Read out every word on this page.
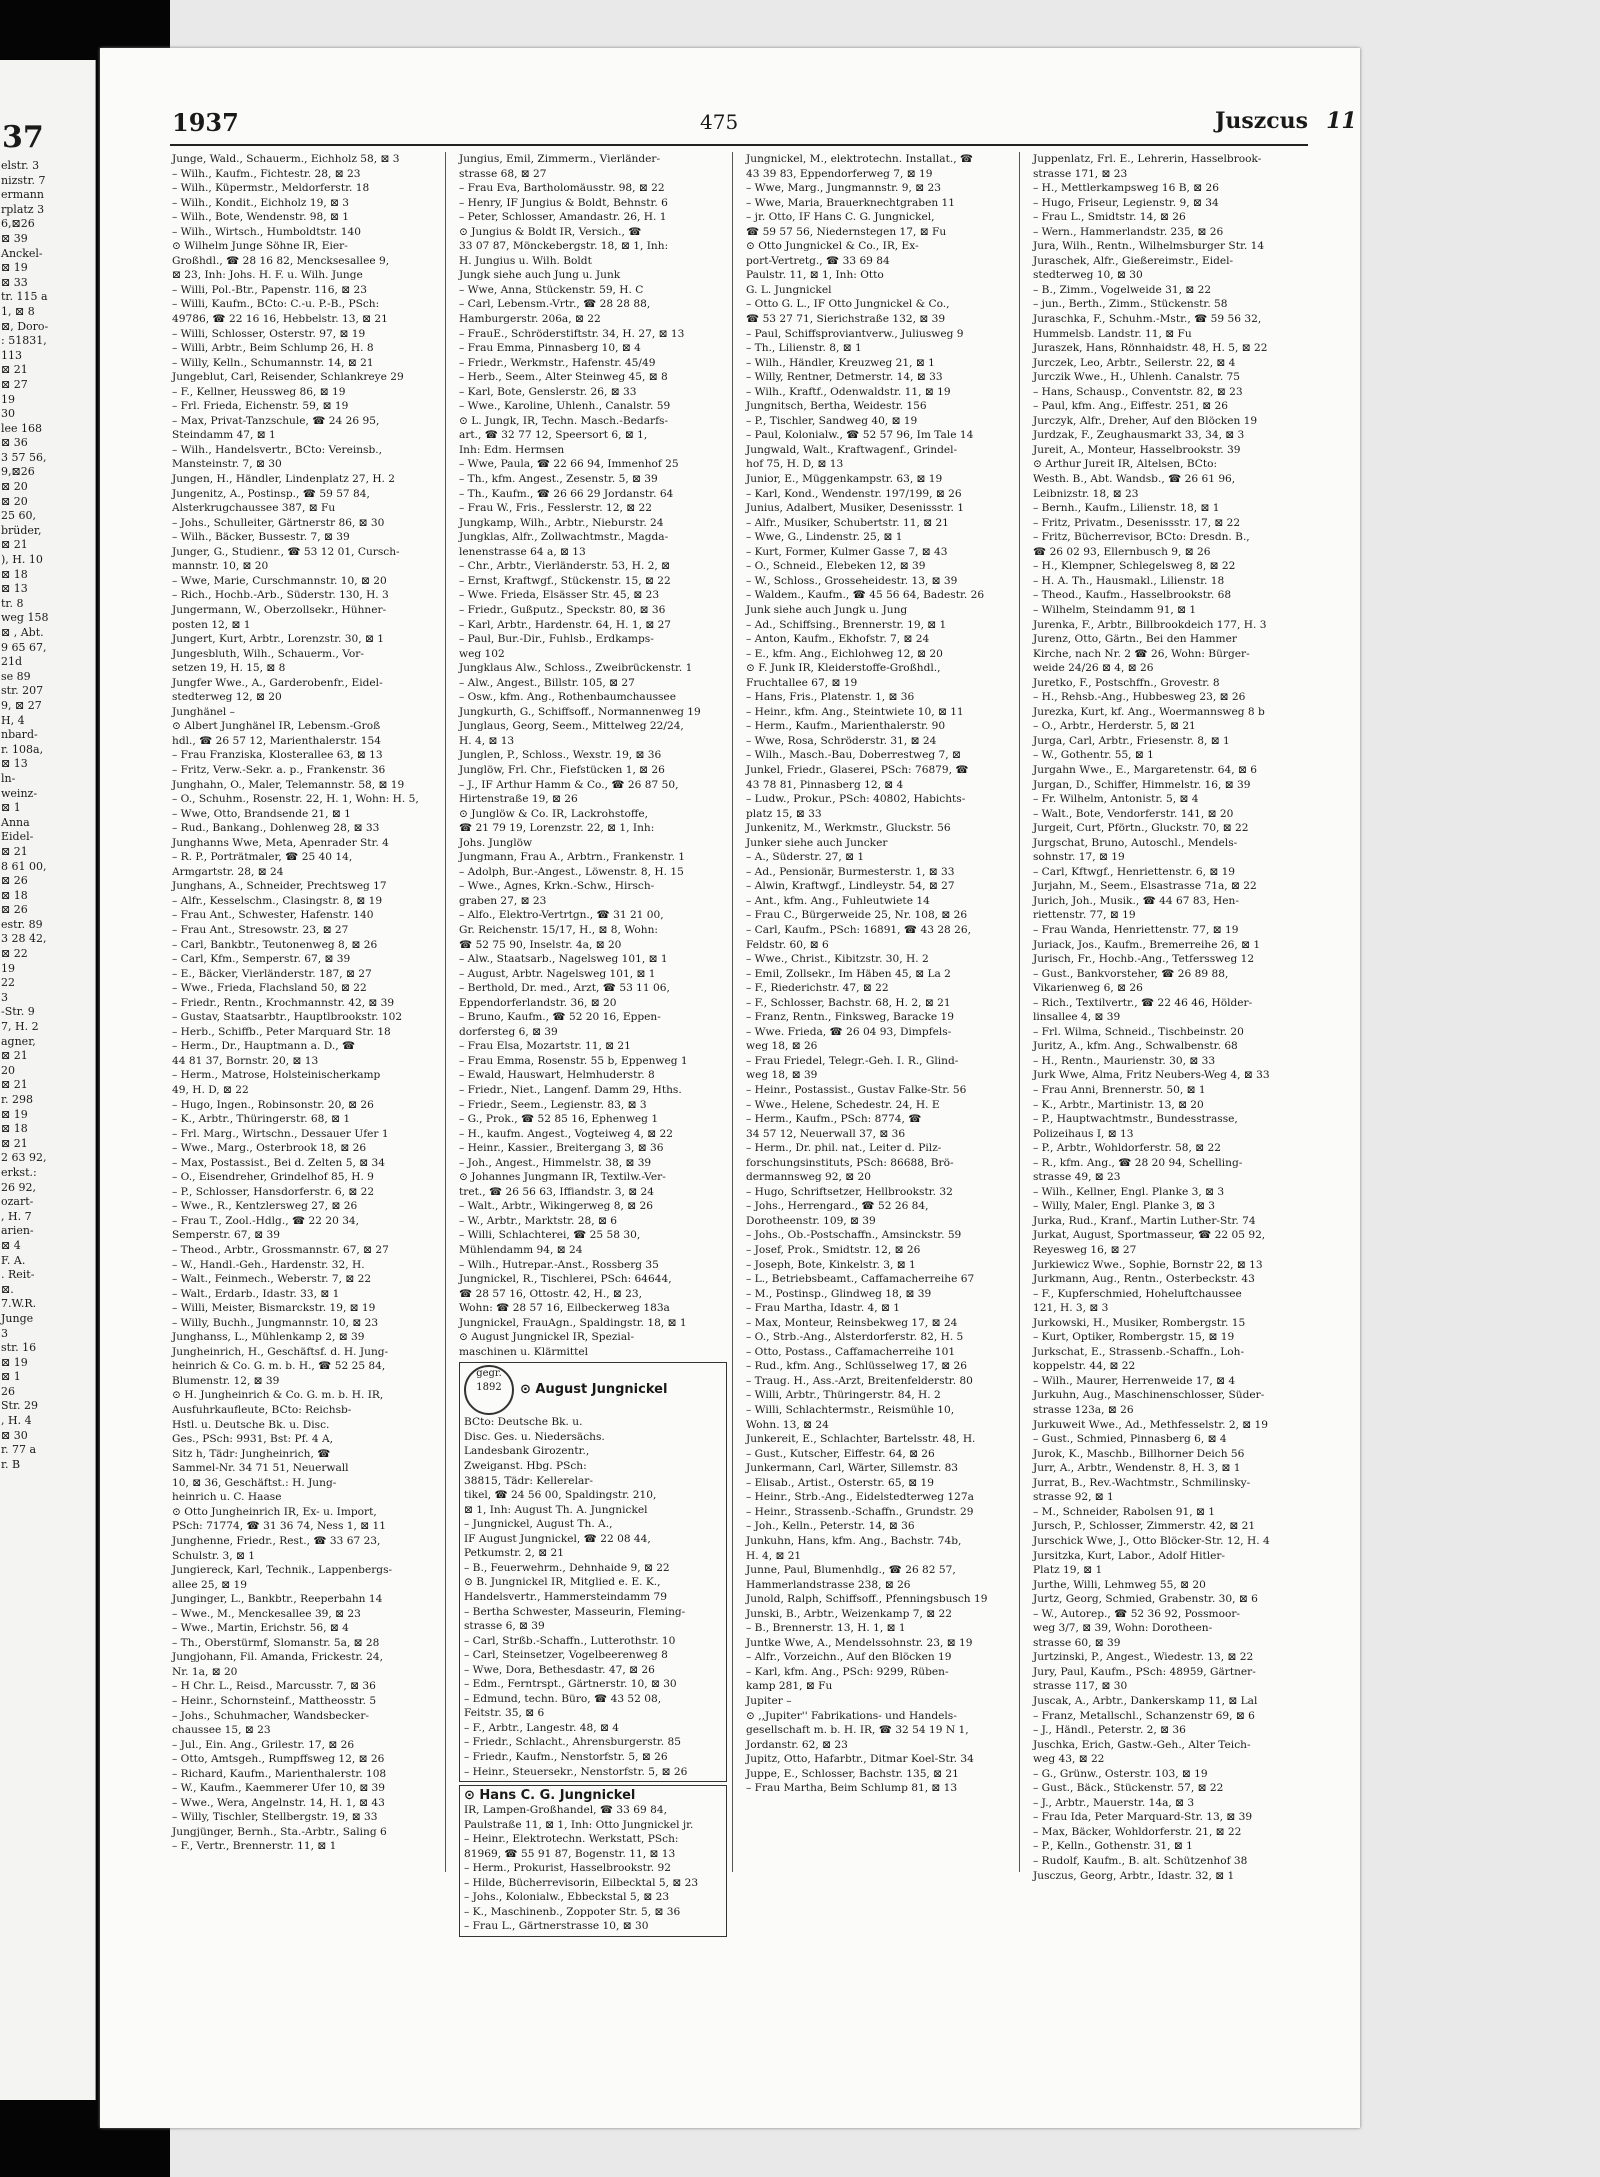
37
elstr. 3
nizstr. 7
ermann
rplatz 3
6,⊠26
⊠ 39
Anckel-
⊠ 19
⊠ 33
tr. 115 a
1, ⊠ 8
⊠, Doro-
: 51831,
113
⊠ 21
⊠ 27
19
30
lee 168
⊠ 36
3 57 56,
9,⊠26
⊠ 20
⊠ 20
25 60,
brüder,
⊠ 21
), H. 10
⊠ 18
⊠ 13
tr. 8
weg 158
⊠ , Abt.
9 65 67,
21d
se 89
str. 207
9, ⊠ 27
H, 4
nbard-
r. 108a,
⊠ 13
ln-
weinz-
⊠ 1
Anna
Eidel-
⊠ 21
8 61 00,
⊠ 26
⊠ 18
⊠ 26
estr. 89
3 28 42,
⊠ 22
19
22
3
-Str. 9
7, H. 2
agner,
⊠ 21
20
⊠ 21
r. 298
⊠ 19
⊠ 18
⊠ 21
2 63 92,
erkst.:
26 92,
ozart-
, H. 7
arien-
⊠ 4
F. A.
. Reit-
⊠.
7.W.R.
Junge
3
str. 16
⊠ 19
⊠ 1
26
Str. 29
, H. 4
⊠ 30
r. 77 a
r. B
1937	475	Juszcus 11
Junge, Wald., Schauerm., Eichholz 58, ⊠ 3
– Wilh., Kaufm., Fichtestr. 28, ⊠ 23
– Wilh., Küpermstr., Meldorferstr. 18
– Wilh., Kondit., Eichholz 19, ⊠ 3
– Wilh., Bote, Wendenstr. 98, ⊠ 1
– Wilh., Wirtsch., Humboldtstr. 140
⊙ Wilhelm Junge Söhne IR, Eier-
Großhdl., ☎ 28 16 82, Mencksesallee 9,
⊠ 23, Inh: Johs. H. F. u. Wilh. Junge
– Willi, Pol.-Btr., Papenstr. 116, ⊠ 23
– Willi, Kaufm., BCto: C.-u. P.-B., PSch:
49786, ☎ 22 16 16, Hebbelstr. 13, ⊠ 21
– Willi, Schlosser, Osterstr. 97, ⊠ 19
– Willi, Arbtr., Beim Schlump 26, H. 8
– Willy, Kelln., Schumannstr. 14, ⊠ 21
Jungeblut, Carl, Reisender, Schlankreye 29
– F., Kellner, Heussweg 86, ⊠ 19
– Frl. Frieda, Eichenstr. 59, ⊠ 19
– Max, Privat-Tanzschule, ☎ 24 26 95,
Steindamm 47, ⊠ 1
– Wilh., Handelsvertr., BCto: Vereinsb.,
Mansteinstr. 7, ⊠ 30
Jungen, H., Händler, Lindenplatz 27, H. 2
Jungenitz, A., Postinsp., ☎ 59 57 84,
Alsterkrugchaussee 387, ⊠ Fu
– Johs., Schulleiter, Gärtnerstr 86, ⊠ 30
– Wilh., Bäcker, Bussestr. 7, ⊠ 39
Junger, G., Studienr., ☎ 53 12 01, Cursch-
mannstr. 10, ⊠ 20
– Wwe, Marie, Curschmannstr. 10, ⊠ 20
– Rich., Hochb.-Arb., Süderstr. 130, H. 3
Jungermann, W., Oberzollsekr., Hühner-
posten 12, ⊠ 1
Jungert, Kurt, Arbtr., Lorenzstr. 30, ⊠ 1
Jungesbluth, Wilh., Schauerm., Vor-
setzen 19, H. 15, ⊠ 8
Jungfer Wwe., A., Garderobenfr., Eidel-
stedterweg 12, ⊠ 20
Junghänel –
⊙ Albert Junghänel IR, Lebensm.-Groß
hdl., ☎ 26 57 12, Marienthalerstr. 154
– Frau Franziska, Klosterallee 63, ⊠ 13
– Fritz, Verw.-Sekr. a. p., Frankenstr. 36
Junghahn, O., Maler, Telemannstr. 58, ⊠ 19
– O., Schuhm., Rosenstr. 22, H. 1, Wohn: H. 5,
– Wwe, Otto, Brandsende 21, ⊠ 1
– Rud., Bankang., Dohlenweg 28, ⊠ 33
Junghanns Wwe, Meta, Apenrader Str. 4
– R. P., Porträtmaler, ☎ 25 40 14,
Armgartstr. 28, ⊠ 24
Junghans, A., Schneider, Prechtsweg 17
– Alfr., Kesselschm., Clasingstr. 8, ⊠ 19
– Frau Ant., Schwester, Hafenstr. 140
– Frau Ant., Stresowstr. 23, ⊠ 27
– Carl, Bankbtr., Teutonenweg 8, ⊠ 26
– Carl, Kfm., Semperstr. 67, ⊠ 39
– E., Bäcker, Vierländerstr. 187, ⊠ 27
– Wwe., Frieda, Flachsland 50, ⊠ 22
– Friedr., Rentn., Krochmannstr. 42, ⊠ 39
– Gustav, Staatsarbtr., Hauptlbrookstr. 102
– Herb., Schiffb., Peter Marquard Str. 18
– Herm., Dr., Hauptmann a. D., ☎
44 81 37, Bornstr. 20, ⊠ 13
– Herm., Matrose, Holsteinischerkamp
49, H. D, ⊠ 22
– Hugo, Ingen., Robinsonstr. 20, ⊠ 26
– K., Arbtr., Thüringerstr. 68, ⊠ 1
– Frl. Marg., Wirtschn., Dessauer Ufer 1
– Wwe., Marg., Osterbrook 18, ⊠ 26
– Max, Postassist., Bei d. Zelten 5, ⊠ 34
– O., Eisendreher, Grindelhof 85, H. 9
– P., Schlosser, Hansdorferstr. 6, ⊠ 22
– Wwe., R., Kentzlersweg 27, ⊠ 26
– Frau T., Zool.-Hdlg., ☎ 22 20 34,
Semperstr. 67, ⊠ 39
– Theod., Arbtr., Grossmannstr. 67, ⊠ 27
– W., Handl.-Geh., Hardenstr. 32, H.
– Walt., Feinmech., Weberstr. 7, ⊠ 22
– Walt., Erdarb., Idastr. 33, ⊠ 1
– Willi, Meister, Bismarckstr. 19, ⊠ 19
– Willy, Buchh., Jungmannstr. 10, ⊠ 23
Junghanss, L., Mühlenkamp 2, ⊠ 39
Jungheinrich, H., Geschäftsf. d. H. Jung-
heinrich & Co. G. m. b. H., ☎ 52 25 84,
Blumenstr. 12, ⊠ 39
⊙ H. Jungheinrich & Co. G. m. b. H. IR,
Ausfuhrkaufleute, BCto: Reichsb-
Hstl. u. Deutsche Bk. u. Disc.
Ges., PSch: 9931, Bst: Pf. 4 A,
Sitz h, Tädr: Jungheinrich, ☎
Sammel-Nr. 34 71 51, Neuerwall
10, ⊠ 36, Geschäftst.: H. Jung-
heinrich u. C. Haase
⊙ Otto Jungheinrich IR, Ex- u. Import,
PSch: 71774, ☎ 31 36 74, Ness 1, ⊠ 11
Junghenne, Friedr., Rest., ☎ 33 67 23,
Schulstr. 3, ⊠ 1
Jungiereck, Karl, Technik., Lappenbergs-
allee 25, ⊠ 19
Junginger, L., Bankbtr., Reeperbahn 14
– Wwe., M., Menckesallee 39, ⊠ 23
– Wwe., Martin, Erichstr. 56, ⊠ 4
– Th., Oberstürmf, Slomanstr. 5a, ⊠ 28
Jungjohann, Fil. Amanda, Frickestr. 24,
Nr. 1a, ⊠ 20
– H Chr. L., Reisd., Marcusstr. 7, ⊠ 36
– Heinr., Schornsteinf., Mattheosstr. 5
– Johs., Schuhmacher, Wandsbecker-
chaussee 15, ⊠ 23
– Jul., Ein. Ang., Grilestr. 17, ⊠ 26
– Otto, Amtsgeh., Rumpffsweg 12, ⊠ 26
– Richard, Kaufm., Marienthalerstr. 108
– W., Kaufm., Kaemmerer Ufer 10, ⊠ 39
– Wwe., Wera, Angelnstr. 14, H. 1, ⊠ 43
– Willy, Tischler, Stellbergstr. 19, ⊠ 33
Jungjünger, Bernh., Sta.-Arbtr., Saling 6
– F., Vertr., Brennerstr. 11, ⊠ 1
Jungius, Emil, Zimmerm., Vierländer-
strasse 68, ⊠ 27
– Frau Eva, Bartholomäusstr. 98, ⊠ 22
– Henry, IF Jungius & Boldt, Behnstr. 6
– Peter, Schlosser, Amandastr. 26, H. 1
⊙ Jungius & Boldt IR, Versich., ☎
33 07 87, Mönckebergstr. 18, ⊠ 1, Inh:
H. Jungius u. Wilh. Boldt
Jungk siehe auch Jung u. Junk
– Wwe, Anna, Stückenstr. 59, H. C
– Carl, Lebensm.-Vrtr., ☎ 28 28 88,
Hamburgerstr. 206a, ⊠ 22
– FrauE., Schröderstiftstr. 34, H. 27, ⊠ 13
– Frau Emma, Pinnasberg 10, ⊠ 4
– Friedr., Werkmstr., Hafenstr. 45/49
– Herb., Seem., Alter Steinweg 45, ⊠ 8
– Karl, Bote, Genslerstr. 26, ⊠ 33
– Wwe., Karoline, Uhlenh., Canalstr. 59
⊙ L. Jungk, IR, Techn. Masch.-Bedarfs-
art., ☎ 32 77 12, Speersort 6, ⊠ 1,
Inh: Edm. Hermsen
– Wwe, Paula, ☎ 22 66 94, Immenhof 25
– Th., kfm. Angest., Zesenstr. 5, ⊠ 39
– Th., Kaufm., ☎ 26 66 29 Jordanstr. 64
– Frau W., Fris., Fesslerstr. 12, ⊠ 22
Jungkamp, Wilh., Arbtr., Nieburstr. 24
Jungklas, Alfr., Zollwachtmstr., Magda-
lenenstrasse 64 a, ⊠ 13
– Chr., Arbtr., Vierländerstr. 53, H. 2, ⊠
– Ernst, Kraftwgf., Stückenstr. 15, ⊠ 22
– Wwe. Frieda, Elsässer Str. 45, ⊠ 23
– Friedr., Gußputz., Speckstr. 80, ⊠ 36
– Karl, Arbtr., Hardenstr. 64, H. 1, ⊠ 27
– Paul, Bur.-Dir., Fuhlsb., Erdkamps-
weg 102
Jungklaus Alw., Schloss., Zweibrückenstr. 1
– Alw., Angest., Billstr. 105, ⊠ 27
– Osw., kfm. Ang., Rothenbaumchaussee
Jungkurth, G., Schiffsoff., Normannenweg 19
Junglaus, Georg, Seem., Mittelweg 22/24,
H. 4, ⊠ 13
Junglen, P., Schloss., Wexstr. 19, ⊠ 36
Junglöw, Frl. Chr., Fiefstücken 1, ⊠ 26
– J., IF Arthur Hamm & Co., ☎ 26 87 50,
Hirtenstraße 19, ⊠ 26
⊙ Junglöw & Co. IR, Lackrohstoffe,
☎ 21 79 19, Lorenzstr. 22, ⊠ 1, Inh:
Johs. Junglöw
Jungmann, Frau A., Arbtrn., Frankenstr. 1
– Adolph, Bur.-Angest., Löwenstr. 8, H. 15
– Wwe., Agnes, Krkn.-Schw., Hirsch-
graben 27, ⊠ 23
– Alfo., Elektro-Vertrtgn., ☎ 31 21 00,
Gr. Reichenstr. 15/17, H., ⊠ 8, Wohn:
☎ 52 75 90, Inselstr. 4a, ⊠ 20
– Alw., Staatsarb., Nagelsweg 101, ⊠ 1
– August, Arbtr. Nagelsweg 101, ⊠ 1
– Berthold, Dr. med., Arzt, ☎ 53 11 06,
Eppendorferlandstr. 36, ⊠ 20
– Bruno, Kaufm., ☎ 52 20 16, Eppen-
dorfersteg 6, ⊠ 39
– Frau Elsa, Mozartstr. 11, ⊠ 21
– Frau Emma, Rosenstr. 55 b, Eppenweg 1
– Ewald, Hauswart, Helmhuderstr. 8
– Friedr., Niet., Langenf. Damm 29, Hths.
– Friedr., Seem., Legienstr. 83, ⊠ 3
– G., Prok., ☎ 52 85 16, Ephenweg 1
– H., kaufm. Angest., Vogteiweg 4, ⊠ 22
– Heinr., Kassier., Breitergang 3, ⊠ 36
– Joh., Angest., Himmelstr. 38, ⊠ 39
⊙ Johannes Jungmann IR, Textilw.-Ver-
tret., ☎ 26 56 63, Iffiandstr. 3, ⊠ 24
– Walt., Arbtr., Wikingerweg 8, ⊠ 26
– W., Arbtr., Marktstr. 28, ⊠ 6
– Willi, Schlachterei, ☎ 25 58 30,
Mühlendamm 94, ⊠ 24
– Wilh., Hutrepar.-Anst., Rossberg 35
Jungnickel, R., Tischlerei, PSch: 64644,
☎ 28 57 16, Ottostr. 42, H., ⊠ 23,
Wohn: ☎ 28 57 16, Eilbeckerweg 183a
Jungnickel, FrauAgn., Spaldingstr. 18, ⊠ 1
⊙ August Jungnickel IR, Spezial-
maschinen u. Klärmittel
gegr. 1892 ⊙ August Jungnickel
BCto: Deutsche Bk. u.
Disc. Ges. u. Niedersächs.
Landesbank Girozentr.,
Zweiganst. Hbg. PSch:
38815, Tädr: Kellerelar-
tikel, ☎ 24 56 00, Spaldingstr. 210,
⊠ 1, Inh: August Th. A. Jungnickel
– Jungnickel, August Th. A.,
IF August Jungnickel, ☎ 22 08 44,
Petkumstr. 2, ⊠ 21
– B., Feuerwehrm., Dehnhaide 9, ⊠ 22
⊙ B. Jungnickel IR, Mitglied e. E. K.,
Handelsvertr., Hammersteindamm 79
– Bertha Schwester, Masseurin, Fleming-
strasse 6, ⊠ 39
– Carl, Strßb.-Schaffn., Lutterothstr. 10
– Carl, Steinsetzer, Vogelbeerenweg 8
– Wwe, Dora, Bethesdastr. 47, ⊠ 26
– Edm., Ferntrspt., Gärtnerstr. 10, ⊠ 30
– Edmund, techn. Büro, ☎ 43 52 08,
Feitstr. 35, ⊠ 6
– F., Arbtr., Langestr. 48, ⊠ 4
– Friedr., Schlacht., Ahrensburgerstr. 85
– Friedr., Kaufm., Nenstorfstr. 5, ⊠ 26
– Heinr., Steuersekr., Nenstorfstr. 5, ⊠ 26
⊙ Hans C. G. Jungnickel
IR, Lampen-Großhandel, ☎ 33 69 84,
Paulstraße 11, ⊠ 1, Inh: Otto Jungnickel jr.
– Heinr., Elektrotechn. Werkstatt, PSch:
81969, ☎ 55 91 87, Bogenstr. 11, ⊠ 13
– Herm., Prokurist, Hasselbrookstr. 92
– Hilde, Bücherrevisorin, Eilbecktal 5, ⊠ 23
– Johs., Kolonialw., Ebbeckstal 5, ⊠ 23
– K., Maschinenb., Zoppoter Str. 5, ⊠ 36
– Frau L., Gärtnerstrasse 10, ⊠ 30
Jungnickel, M., elektrotechn. Installat., ☎
43 39 83, Eppendorferweg 7, ⊠ 19
– Wwe, Marg., Jungmannstr. 9, ⊠ 23
– Wwe, Maria, Brauerknechtgraben 11
– jr. Otto, IF Hans C. G. Jungnickel,
☎ 59 57 56, Niedernstegen 17, ⊠ Fu
⊙ Otto Jungnickel & Co., IR, Ex-
port-Vertretg., ☎ 33 69 84
Paulstr. 11, ⊠ 1, Inh: Otto
G. L. Jungnickel
– Otto G. L., IF Otto Jungnickel & Co.,
☎ 53 27 71, Sierichstraße 132, ⊠ 39
– Paul, Schiffsproviantverw., Juliusweg 9
– Th., Lilienstr. 8, ⊠ 1
– Wilh., Händler, Kreuzweg 21, ⊠ 1
– Willy, Rentner, Detmerstr. 14, ⊠ 33
– Wilh., Kraftf., Odenwaldstr. 11, ⊠ 19
Jungnitsch, Bertha, Weidestr. 156
– P., Tischler, Sandweg 40, ⊠ 19
– Paul, Kolonialw., ☎ 52 57 96, Im Tale 14
Jungwald, Walt., Kraftwagenf., Grindel-
hof 75, H. D, ⊠ 13
Junior, E., Müggenkampstr. 63, ⊠ 19
– Karl, Kond., Wendenstr. 197/199, ⊠ 26
Junius, Adalbert, Musiker, Desenissstr. 1
– Alfr., Musiker, Schubertstr. 11, ⊠ 21
– Wwe, G., Lindenstr. 25, ⊠ 1
– Kurt, Former, Kulmer Gasse 7, ⊠ 43
– O., Schneid., Elebeken 12, ⊠ 39
– W., Schloss., Grosseheidestr. 13, ⊠ 39
– Waldem., Kaufm., ☎ 45 56 64, Badestr. 26
Junk siehe auch Jungk u. Jung
– Ad., Schiffsing., Brennerstr. 19, ⊠ 1
– Anton, Kaufm., Ekhofstr. 7, ⊠ 24
– E., kfm. Ang., Eichlohweg 12, ⊠ 20
⊙ F. Junk IR, Kleiderstoffe-Großhdl.,
Fruchtallee 67, ⊠ 19
– Hans, Fris., Platenstr. 1, ⊠ 36
– Heinr., kfm. Ang., Steintwiete 10, ⊠ 11
– Herm., Kaufm., Marienthalerstr. 90
– Wwe, Rosa, Schröderstr. 31, ⊠ 24
– Wilh., Masch.-Bau, Doberrestweg 7, ⊠
Junkel, Friedr., Glaserei, PSch: 76879, ☎
43 78 81, Pinnasberg 12, ⊠ 4
– Ludw., Prokur., PSch: 40802, Habichts-
platz 15, ⊠ 33
Junkenitz, M., Werkmstr., Gluckstr. 56
Junker siehe auch Juncker
– A., Süderstr. 27, ⊠ 1
– Ad., Pensionär, Burmesterstr. 1, ⊠ 33
– Alwin, Kraftwgf., Lindleystr. 54, ⊠ 27
– Ant., kfm. Ang., Fuhleutwiete 14
– Frau C., Bürgerweide 25, Nr. 108, ⊠ 26
– Carl, Kaufm., PSch: 16891, ☎ 43 28 26,
Feldstr. 60, ⊠ 6
– Wwe., Christ., Kibitzstr. 30, H. 2
– Emil, Zollsekr., Im Häben 45, ⊠ La 2
– F., Riederichstr. 47, ⊠ 22
– F., Schlosser, Bachstr. 68, H. 2, ⊠ 21
– Franz, Rentn., Finksweg, Baracke 19
– Wwe. Frieda, ☎ 26 04 93, Dimpfels-
weg 18, ⊠ 26
– Frau Friedel, Telegr.-Geh. I. R., Glind-
weg 18, ⊠ 39
– Heinr., Postassist., Gustav Falke-Str. 56
– Wwe., Helene, Schedestr. 24, H. E
– Herm., Kaufm., PSch: 8774, ☎
34 57 12, Neuerwall 37, ⊠ 36
– Herm., Dr. phil. nat., Leiter d. Pilz-
forschungsinstituts, PSch: 86688, Brö-
dermannsweg 92, ⊠ 20
– Hugo, Schriftsetzer, Hellbrookstr. 32
– Johs., Herrengard., ☎ 52 26 84,
Dorotheenstr. 109, ⊠ 39
– Johs., Ob.-Postschaffn., Amsinckstr. 59
– Josef, Prok., Smidtstr. 12, ⊠ 26
– Joseph, Bote, Kinkelstr. 3, ⊠ 1
– L., Betriebsbeamt., Caffamacherreihe 67
– M., Postinsp., Glindweg 18, ⊠ 39
– Frau Martha, Idastr. 4, ⊠ 1
– Max, Monteur, Reinsbekweg 17, ⊠ 24
– O., Strb.-Ang., Alsterdorferstr. 82, H. 5
– Otto, Postass., Caffamacherreihe 101
– Rud., kfm. Ang., Schlüsselweg 17, ⊠ 26
– Traug. H., Ass.-Arzt, Breitenfelderstr. 80
– Willi, Arbtr., Thüringerstr. 84, H. 2
– Willi, Schlachtermstr., Reismühle 10,
Wohn. 13, ⊠ 24
Junkereit, E., Schlachter, Bartelsstr. 48, H.
– Gust., Kutscher, Eiffestr. 64, ⊠ 26
Junkermann, Carl, Wärter, Sillemstr. 83
– Elisab., Artist., Osterstr. 65, ⊠ 19
– Heinr., Strb.-Ang., Eidelstedterweg 127a
– Heinr., Strassenb.-Schaffn., Grundstr. 29
– Joh., Kelln., Peterstr. 14, ⊠ 36
Junkuhn, Hans, kfm. Ang., Bachstr. 74b,
H. 4, ⊠ 21
Junne, Paul, Blumenhdlg., ☎ 26 82 57,
Hammerlandstrasse 238, ⊠ 26
Junold, Ralph, Schiffsoff., Pfenningsbusch 19
Junski, B., Arbtr., Weizenkamp 7, ⊠ 22
– B., Brennerstr. 13, H. 1, ⊠ 1
Juntke Wwe, A., Mendelssohnstr. 23, ⊠ 19
– Alfr., Vorzeichn., Auf den Blöcken 19
– Karl, kfm. Ang., PSch: 9299, Rüben-
kamp 281, ⊠ Fu
Jupiter –
⊙ ,,Jupiter'' Fabrikations- und Handels-
gesellschaft m. b. H. IR, ☎ 32 54 19 N 1,
Jordanstr. 62, ⊠ 23
Jupitz, Otto, Hafarbtr., Ditmar Koel-Str. 34
Juppe, E., Schlosser, Bachstr. 135, ⊠ 21
– Frau Martha, Beim Schlump 81, ⊠ 13
Juppenlatz, Frl. E., Lehrerin, Hasselbrook-
strasse 171, ⊠ 23
– H., Mettlerkampsweg 16 B, ⊠ 26
– Hugo, Friseur, Legienstr. 9, ⊠ 34
– Frau L., Smidtstr. 14, ⊠ 26
– Wern., Hammerlandstr. 235, ⊠ 26
Jura, Wilh., Rentn., Wilhelmsburger Str. 14
Juraschek, Alfr., Gießereimstr., Eidel-
stedterweg 10, ⊠ 30
– B., Zimm., Vogelweide 31, ⊠ 22
– jun., Berth., Zimm., Stückenstr. 58
Juraschka, F., Schuhm.-Mstr., ☎ 59 56 32,
Hummelsb. Landstr. 11, ⊠ Fu
Juraszek, Hans, Rönnhaidstr. 48, H. 5, ⊠ 22
Jurczek, Leo, Arbtr., Seilerstr. 22, ⊠ 4
Jurczik Wwe., H., Uhlenh. Canalstr. 75
– Hans, Schausp., Conventstr. 82, ⊠ 23
– Paul, kfm. Ang., Eiffestr. 251, ⊠ 26
Jurczyk, Alfr., Dreher, Auf den Blöcken 19
Jurdzak, F., Zeughausmarkt 33, 34, ⊠ 3
Jureit, A., Monteur, Hasselbrookstr. 39
⊙ Arthur Jureit IR, Altelsen, BCto:
Westh. B., Abt. Wandsb., ☎ 26 61 96,
Leibnizstr. 18, ⊠ 23
– Bernh., Kaufm., Lilienstr. 18, ⊠ 1
– Fritz, Privatm., Desenissstr. 17, ⊠ 22
– Fritz, Bücherrevisor, BCto: Dresdn. B.,
☎ 26 02 93, Ellernbusch 9, ⊠ 26
– H., Klempner, Schlegelsweg 8, ⊠ 22
– H. A. Th., Hausmakl., Lilienstr. 18
– Theod., Kaufm., Hasselbrookstr. 68
– Wilhelm, Steindamm 91, ⊠ 1
Jurenka, F., Arbtr., Billbrookdeich 177, H. 3
Jurenz, Otto, Gärtn., Bei den Hammer
Kirche, nach Nr. 2 ☎ 26, Wohn: Bürger-
weide 24/26 ⊠ 4, ⊠ 26
Juretko, F., Postschffn., Grovestr. 8
– H., Rehsb.-Ang., Hubbesweg 23, ⊠ 26
Jurezka, Kurt, kf. Ang., Woermannsweg 8 b
– O., Arbtr., Herderstr. 5, ⊠ 21
Jurga, Carl, Arbtr., Friesenstr. 8, ⊠ 1
– W., Gothentr. 55, ⊠ 1
Jurgahn Wwe., E., Margaretenstr. 64, ⊠ 6
Jurgan, D., Schiffer, Himmelstr. 16, ⊠ 39
– Fr. Wilhelm, Antonistr. 5, ⊠ 4
– Walt., Bote, Vendorferstr. 141, ⊠ 20
Jurgeit, Curt, Pförtn., Gluckstr. 70, ⊠ 22
Jurgschat, Bruno, Autoschl., Mendels-
sohnstr. 17, ⊠ 19
– Carl, Kftwgf., Henriettenstr. 6, ⊠ 19
Jurjahn, M., Seem., Elsastrasse 71a, ⊠ 22
Jurich, Joh., Musik., ☎ 44 67 83, Hen-
riettenstr. 77, ⊠ 19
– Frau Wanda, Henriettenstr. 77, ⊠ 19
Juriack, Jos., Kaufm., Bremerreihe 26, ⊠ 1
Jurisch, Fr., Hochb.-Ang., Tetferssweg 12
– Gust., Bankvorsteher, ☎ 26 89 88,
Vikarienweg 6, ⊠ 26
– Rich., Textilvertr., ☎ 22 46 46, Hölder-
linsallee 4, ⊠ 39
– Frl. Wilma, Schneid., Tischbeinstr. 20
Juritz, A., kfm. Ang., Schwalbenstr. 68
– H., Rentn., Maurienstr. 30, ⊠ 33
Jurk Wwe, Alma, Fritz Neubers-Weg 4, ⊠ 33
– Frau Anni, Brennerstr. 50, ⊠ 1
– K., Arbtr., Martinistr. 13, ⊠ 20
– P., Hauptwachtmstr., Bundesstrasse,
Polizeihaus I, ⊠ 13
– P., Arbtr., Wohldorferstr. 58, ⊠ 22
– R., kfm. Ang., ☎ 28 20 94, Schelling-
strasse 49, ⊠ 23
– Wilh., Kellner, Engl. Planke 3, ⊠ 3
– Willy, Maler, Engl. Planke 3, ⊠ 3
Jurka, Rud., Kranf., Martin Luther-Str. 74
Jurkat, August, Sportmasseur, ☎ 22 05 92,
Reyesweg 16, ⊠ 27
Jurkiewicz Wwe., Sophie, Bornstr 22, ⊠ 13
Jurkmann, Aug., Rentn., Osterbeckstr. 43
– F., Kupferschmied, Hoheluftchaussee
121, H. 3, ⊠ 3
Jurkowski, H., Musiker, Rombergstr. 15
– Kurt, Optiker, Rombergstr. 15, ⊠ 19
Jurkschat, E., Strassenb.-Schaffn., Loh-
koppelstr. 44, ⊠ 22
– Wilh., Maurer, Herrenweide 17, ⊠ 4
Jurkuhn, Aug., Maschinenschlosser, Süder-
strasse 123a, ⊠ 26
Jurkuweit Wwe., Ad., Methfesselstr. 2, ⊠ 19
– Gust., Schmied, Pinnasberg 6, ⊠ 4
Jurok, K., Maschb., Billhorner Deich 56
Jurr, A., Arbtr., Wendenstr. 8, H. 3, ⊠ 1
Jurrat, B., Rev.-Wachtmstr., Schmilinsky-
strasse 92, ⊠ 1
– M., Schneider, Rabolsen 91, ⊠ 1
Jursch, P., Schlosser, Zimmerstr. 42, ⊠ 21
Jurschick Wwe, J., Otto Blöcker-Str. 12, H. 4
Jursitzka, Kurt, Labor., Adolf Hitler-
Platz 19, ⊠ 1
Jurthe, Willi, Lehmweg 55, ⊠ 20
Jurtz, Georg, Schmied, Grabenstr. 30, ⊠ 6
– W., Autorep., ☎ 52 36 92, Possmoor-
weg 3/7, ⊠ 39, Wohn: Dorotheen-
strasse 60, ⊠ 39
Jurtzinski, P., Angest., Wiedestr. 13, ⊠ 22
Jury, Paul, Kaufm., PSch: 48959, Gärtner-
strasse 117, ⊠ 30
Juscak, A., Arbtr., Dankerskamp 11, ⊠ Lal
– Franz, Metallschl., Schanzenstr 69, ⊠ 6
– J., Händl., Peterstr. 2, ⊠ 36
Juschka, Erich, Gastw.-Geh., Alter Teich-
weg 43, ⊠ 22
– G., Grünw., Osterstr. 103, ⊠ 19
– Gust., Bäck., Stückenstr. 57, ⊠ 22
– J., Arbtr., Mauerstr. 14a, ⊠ 3
– Frau Ida, Peter Marquard-Str. 13, ⊠ 39
– Max, Bäcker, Wohldorferstr. 21, ⊠ 22
– P., Kelln., Gothenstr. 31, ⊠ 1
– Rudolf, Kaufm., B. alt. Schützenhof 38
Jusczus, Georg, Arbtr., Idastr. 32, ⊠ 1
